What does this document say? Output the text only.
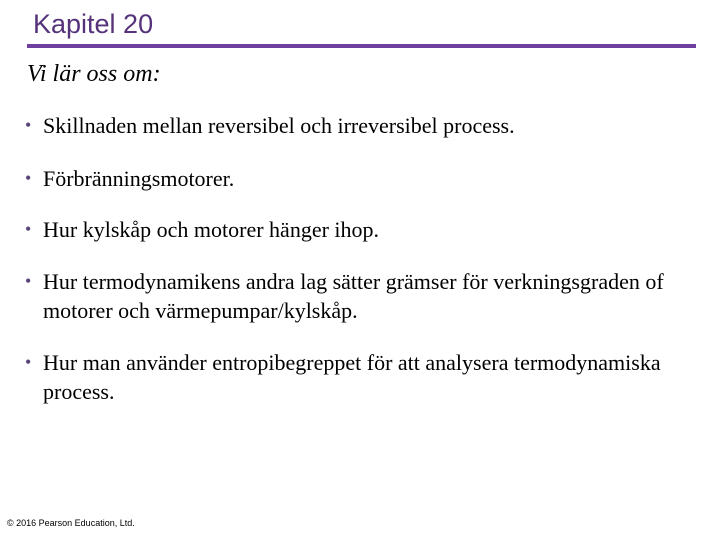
Kapitel 20
Vi lär oss om:
• Skillnaden mellan reversibel och irreversibel process.
• Förbränningsmotorer.
• Hur kylskåp och motorer hänger ihop.
• Hur termodynamikens andra lag sätter grämser för verkningsgraden of motorer och värmepumpar/kylskåp.
• Hur man använder entropibegreppet för att analysera termodynamiska process.
© 2016 Pearson Education, Ltd.
